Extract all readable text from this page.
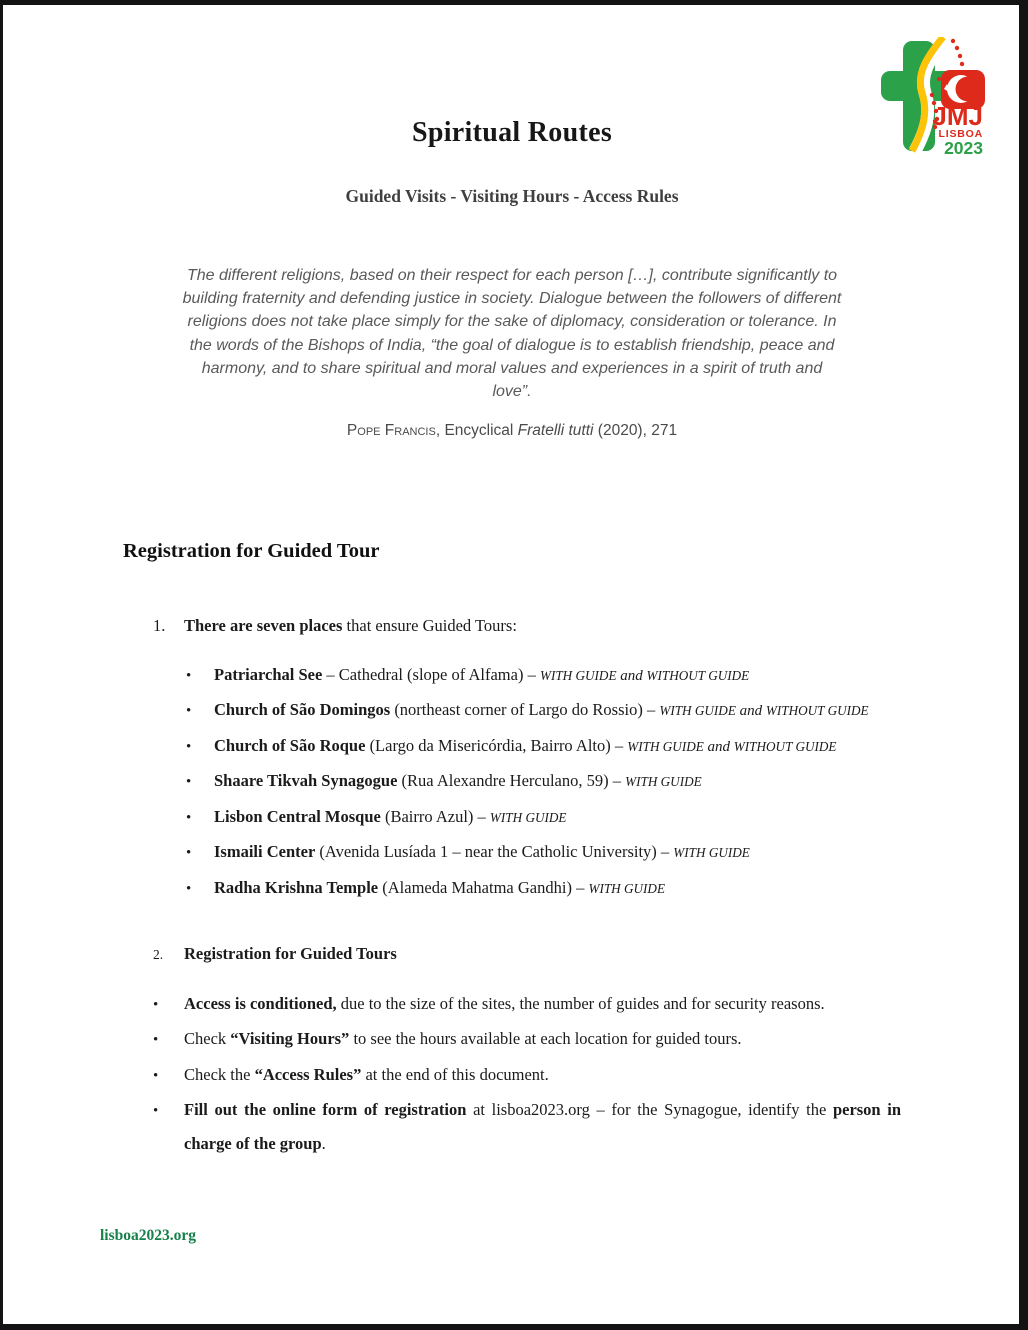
JMJ
LISBOA
2023
Spiritual Routes
Guided Visits - Visiting Hours - Access Rules

The different religions, based on their respect for each person […], contribute significantly to building fraternity and defending justice in society. Dialogue between the followers of different religions does not take place simply for the sake of diplomacy, consideration or tolerance. In the words of the Bishops of India, “the goal of dialogue is to establish friendship, peace and harmony, and to share spiritual and moral values and experiences in a spirit of truth and love”.

Pope Francis, Encyclical Fratelli tutti (2020), 271

Registration for Guided Tour
1.	There are seven places that ensure Guided Tours:
•	Patriarchal See – Cathedral (slope of Alfama) – WITH GUIDE and WITHOUT GUIDE
•	Church of São Domingos (northeast corner of Largo do Rossio) – WITH GUIDE and WITHOUT GUIDE
•	Church of São Roque (Largo da Misericórdia, Bairro Alto) – WITH GUIDE and WITHOUT GUIDE
•	Shaare Tikvah Synagogue (Rua Alexandre Herculano, 59) – WITH GUIDE
•	Lisbon Central Mosque (Bairro Azul) – WITH GUIDE
•	Ismaili Center (Avenida Lusíada 1 – near the Catholic University) – WITH GUIDE
•	Radha Krishna Temple (Alameda Mahatma Gandhi) – WITH GUIDE
2.	Registration for Guided Tours
•	Access is conditioned, due to the size of the sites, the number of guides and for security reasons.
•	Check “Visiting Hours” to see the hours available at each location for guided tours.
•	Check the “Access Rules” at the end of this document.
•	Fill out the online form of registration at lisboa2023.org – for the Synagogue, identify the person in charge of the group.
lisboa2023.org
